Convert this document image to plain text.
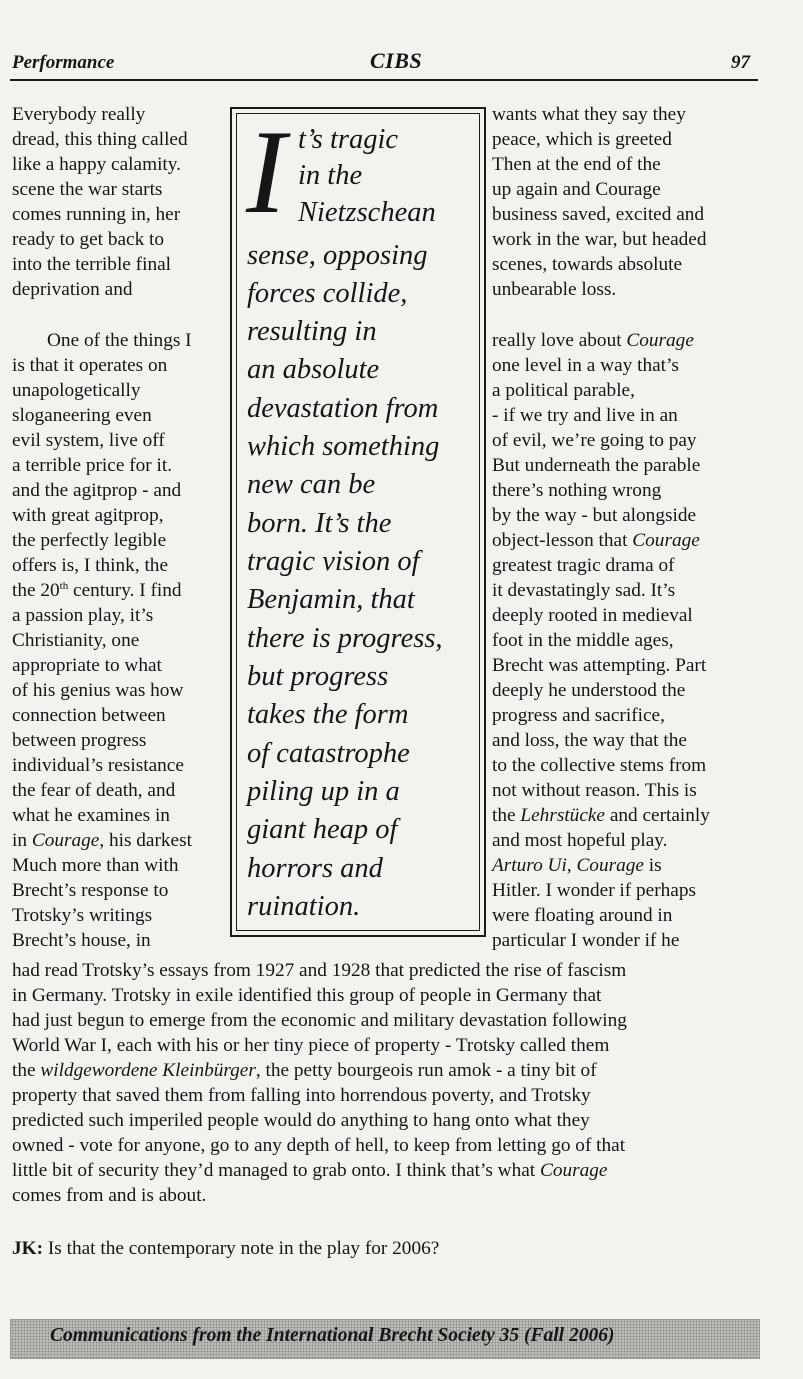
Performance	CIBS	97
Everybody really
dread, this thing called
like a happy calamity.
scene the war starts
comes running in, her
ready to get back to
into the terrible final
deprivation and
One of the things I
is that it operates on
unapologetically
sloganeering even
evil system, live off
a terrible price for it.
and the agitprop - and
with great agitprop,
the perfectly legible
offers is, I think, the
the 20th century. I find
a passion play, it’s
Christianity, one
appropriate to what
of his genius was how
connection between
between progress
individual’s resistance
the fear of death, and
what he examines in
in Courage, his darkest
Much more than with
Brecht’s response to
Trotsky’s writings
Brecht’s house, in
I t’s tragic
in the
Nietzschean
sense, opposing
forces collide,
resulting in
an absolute
devastation from
which something
new can be
born. It’s the
tragic vision of
Benjamin, that
there is progress,
but progress
takes the form
of catastrophe
piling up in a
giant heap of
horrors and
ruination.
wants what they say they
peace, which is greeted
Then at the end of the
up again and Courage
business saved, excited and
work in the war, but headed
scenes, towards absolute
unbearable loss.
really love about Courage
one level in a way that’s
a political parable,
- if we try and live in an
of evil, we’re going to pay
But underneath the parable
there’s nothing wrong
by the way - but alongside
object-lesson that Courage
greatest tragic drama of
it devastatingly sad. It’s
deeply rooted in medieval
foot in the middle ages,
Brecht was attempting. Part
deeply he understood the
progress and sacrifice,
and loss, the way that the
to the collective stems from
not without reason. This is
the Lehrstücke and certainly
and most hopeful play.
Arturo Ui, Courage is
Hitler. I wonder if perhaps
were floating around in
particular I wonder if he
had read Trotsky’s essays from 1927 and 1928 that predicted the rise of fascism
in Germany. Trotsky in exile identified this group of people in Germany that
had just begun to emerge from the economic and military devastation following
World War I, each with his or her tiny piece of property - Trotsky called them
the wildgewordene Kleinbürger, the petty bourgeois run amok - a tiny bit of
property that saved them from falling into horrendous poverty, and Trotsky
predicted such imperiled people would do anything to hang onto what they
owned - vote for anyone, go to any depth of hell, to keep from letting go of that
little bit of security they’d managed to grab onto. I think that’s what Courage
comes from and is about.
JK: Is that the contemporary note in the play for 2006?
Communications from the International Brecht Society 35 (Fall 2006)
